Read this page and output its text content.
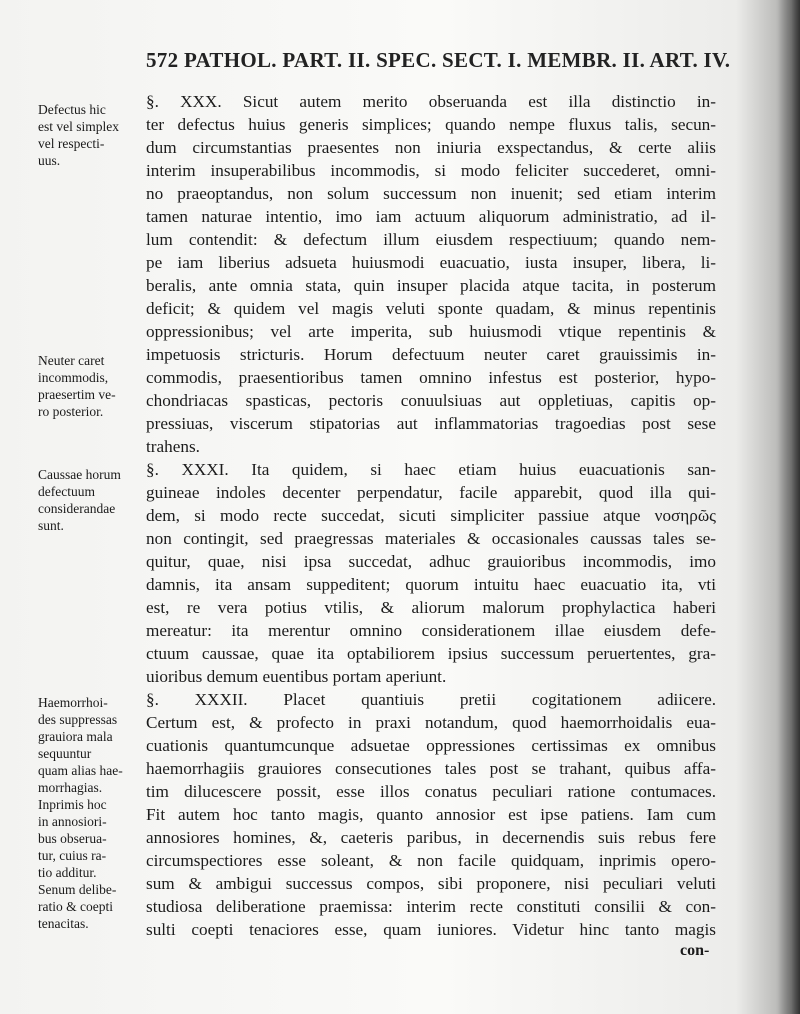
572 PATHOL. PART. II. SPEC. SECT. I. MEMBR. II. ART. IV.
§. XXX. Sicut autem merito obseruanda est illa distinctio in-
ter defectus huius generis simplices; quando nempe fluxus talis, secun-
dum circumstantias praesentes non iniuria exspectandus, & certe aliis
interim insuperabilibus incommodis, si modo feliciter succederet, omni-
no praeoptandus, non solum successum non inuenit; sed etiam interim
tamen naturae intentio, imo iam actuum aliquorum administratio, ad il-
lum contendit: & defectum illum eiusdem respectiuum; quando nem-
pe iam liberius adsueta huiusmodi euacuatio, iusta insuper, libera, li-
beralis, ante omnia stata, quin insuper placida atque tacita, in posterum
deficit; & quidem vel magis veluti sponte quadam, & minus repentinis
oppressionibus; vel arte imperita, sub huiusmodi vtique repentinis &
impetuosis stricturis. Horum defectuum neuter caret grauissimis in-
commodis, praesentioribus tamen omnino infestus est posterior, hypo-
chondriacas spasticas, pectoris conuulsiuas aut oppletiuas, capitis op-
pressiuas, viscerum stipatorias aut inflammatorias tragoedias post sese
trahens.
§. XXXI. Ita quidem, si haec etiam huius euacuationis san-
guineae indoles decenter perpendatur, facile apparebit, quod illa qui-
dem, si modo recte succedat, sicuti simpliciter passiue atque νοσηρῶς
non contingit, sed praegressas materiales & occasionales caussas tales se-
quitur, quae, nisi ipsa succedat, adhuc grauioribus incommodis, imo
damnis, ita ansam suppeditent; quorum intuitu haec euacuatio ita, vti
est, re vera potius vtilis, & aliorum malorum prophylactica haberi
mereatur: ita merentur omnino considerationem illae eiusdem defe-
ctuum caussae, quae ita optabiliorem ipsius successum peruertentes, gra-
uioribus demum euentibus portam aperiunt.
§. XXXII. Placet quantiuis pretii cogitationem adiicere.
Certum est, & profecto in praxi notandum, quod haemorrhoidalis eua-
cuationis quantumcunque adsuetae oppressiones certissimas ex omnibus
haemorrhagiis grauiores consecutiones tales post se trahant, quibus affa-
tim dilucescere possit, esse illos conatus peculiari ratione contumaces.
Fit autem hoc tanto magis, quanto annosior est ipse patiens. Iam cum
annosiores homines, &, caeteris paribus, in decernendis suis rebus fere
circumspectiores esse soleant, & non facile quidquam, inprimis opero-
sum & ambigui successus compos, sibi proponere, nisi peculiari veluti
studiosa deliberatione praemissa: interim recte constituti consilii & con-
sulti coepti tenaciores esse, quam iuniores. Videtur hinc tanto magis
Defectus hic
est vel simplex
vel respecti-
uus.
Neuter caret
incommodis,
praesertim ve-
ro posterior.
Caussae horum
defectuum
considerandae
sunt.
Haemorrhoi-
des suppressas
grauiora mala
sequuntur
quam alias hae-
morrhagias.
Inprimis hoc
in annosiori-
bus obserua-
tur, cuius ra-
tio additur.
Senum delibe-
ratio & coepti
tenacitas.
con-
